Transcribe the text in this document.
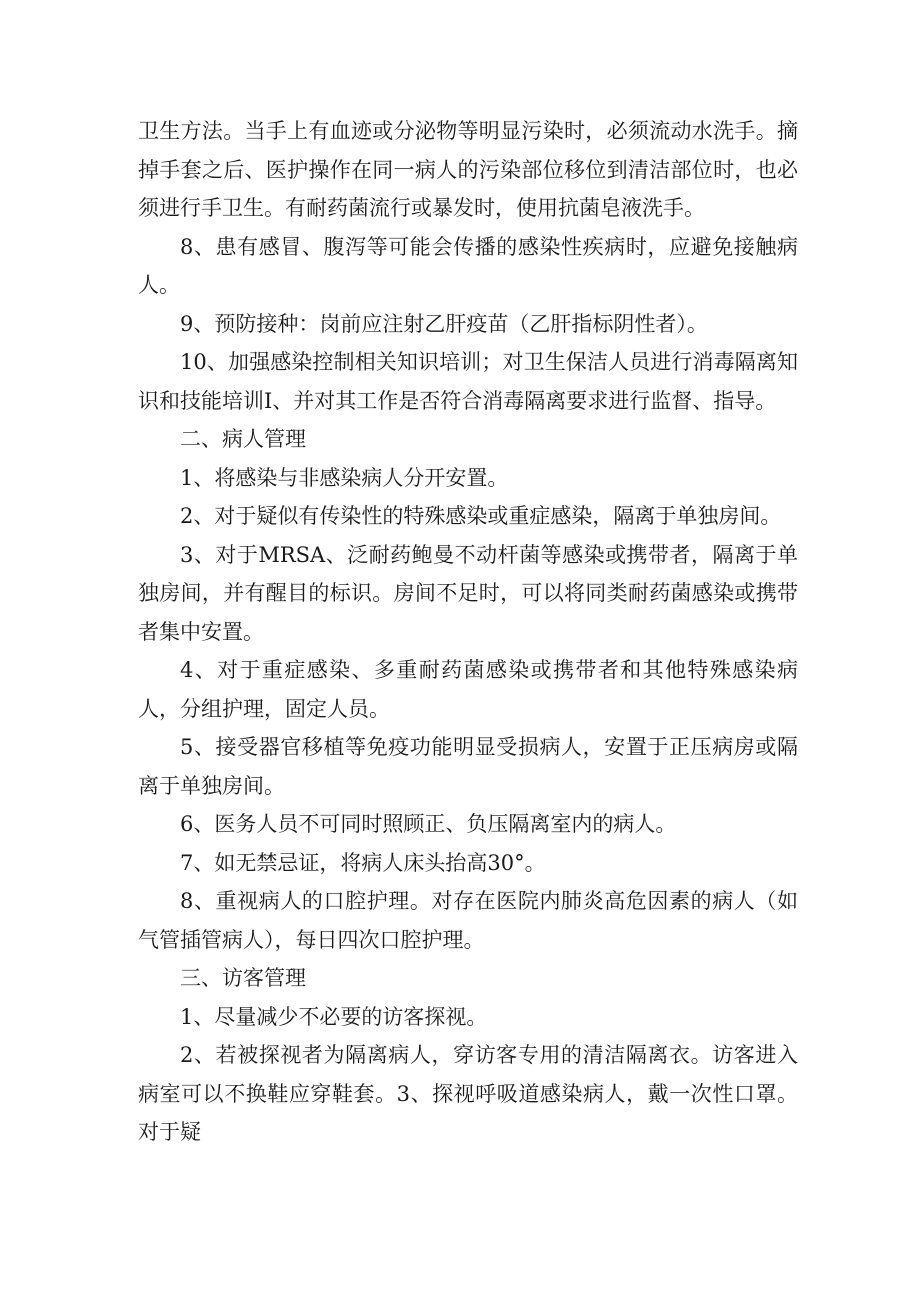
卫生方法。当手上有血迹或分泌物等明显污染时，必须流动水洗手。摘掉手套之后、医护操作在同一病人的污染部位移位到清洁部位时，也必须进行手卫生。有耐药菌流行或暴发时，使用抗菌皂液洗手。

8、患有感冒、腹泻等可能会传播的感染性疾病时，应避免接触病人。

9、预防接种：岗前应注射乙肝疫苗（乙肝指标阴性者）。

10、加强感染控制相关知识培训；对卫生保洁人员进行消毒隔离知识和技能培训I、并对其工作是否符合消毒隔离要求进行监督、指导。

二、病人管理

1、将感染与非感染病人分开安置。

2、对于疑似有传染性的特殊感染或重症感染，隔离于单独房间。

3、对于MRSA、泛耐药鲍曼不动杆菌等感染或携带者，隔离于单独房间，并有醒目的标识。房间不足时，可以将同类耐药菌感染或携带者集中安置。

4、对于重症感染、多重耐药菌感染或携带者和其他特殊感染病人，分组护理，固定人员。

5、接受器官移植等免疫功能明显受损病人，安置于正压病房或隔离于单独房间。

6、医务人员不可同时照顾正、负压隔离室内的病人。

7、如无禁忌证，将病人床头抬高30°。

8、重视病人的口腔护理。对存在医院内肺炎高危因素的病人（如气管插管病人），每日四次口腔护理。

三、访客管理

1、尽量减少不必要的访客探视。

2、若被探视者为隔离病人，穿访客专用的清洁隔离衣。访客进入病室可以不换鞋应穿鞋套。3、探视呼吸道感染病人，戴一次性口罩。对于疑
